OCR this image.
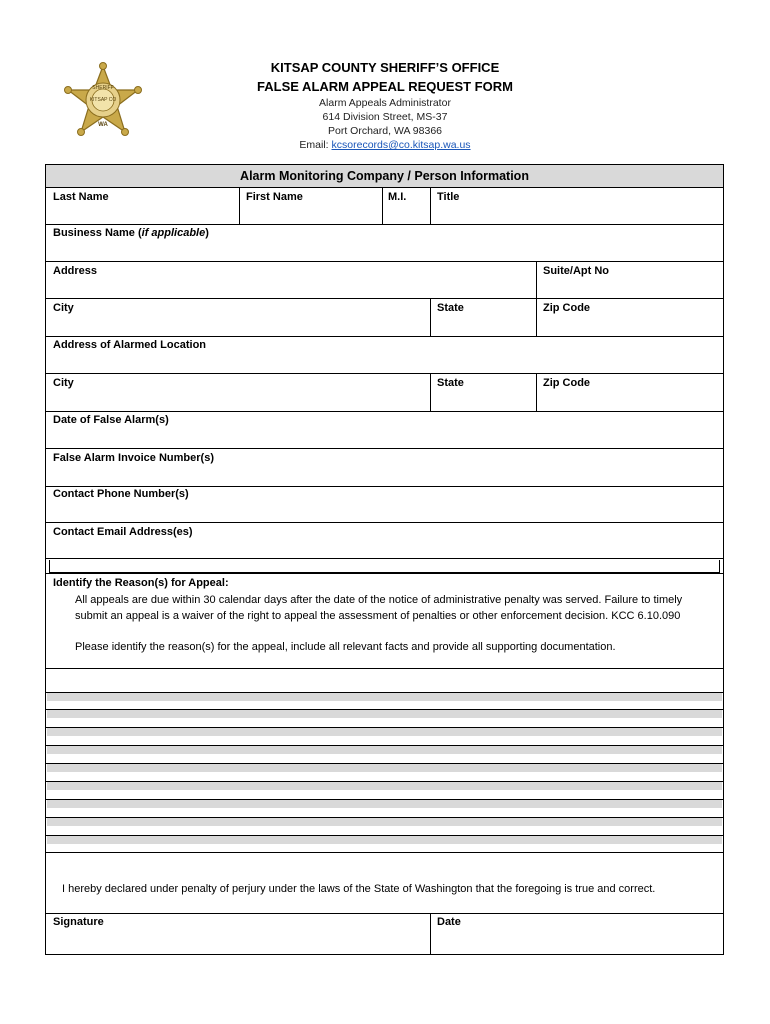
SHERIFF
KITSAP CO
WA
KITSAP COUNTY SHERIFF’S OFFICE
FALSE ALARM APPEAL REQUEST FORM
Alarm Appeals Administrator
614 Division Street, MS-37
Port Orchard, WA 98366
Email: kcsorecords@co.kitsap.wa.us
Alarm Monitoring Company / Person Information
Last Name	First Name	M.I.	Title
Business Name (if applicable)
Address	Suite/Apt No
City	State	Zip Code
Address of Alarmed Location
City	State	Zip Code
Date of False Alarm(s)
False Alarm Invoice Number(s)
Contact Phone Number(s)
Contact Email Address(es)
Identify the Reason(s) for Appeal:
All appeals are due within 30 calendar days after the date of the notice of administrative penalty was served. Failure to timely
submit an appeal is a waiver of the right to appeal the assessment of penalties or other enforcement decision. KCC 6.10.090
Please identify the reason(s) for the appeal, include all relevant facts and provide all supporting documentation.
I hereby declared under penalty of perjury under the laws of the State of Washington that the foregoing is true and correct.
Signature	Date
